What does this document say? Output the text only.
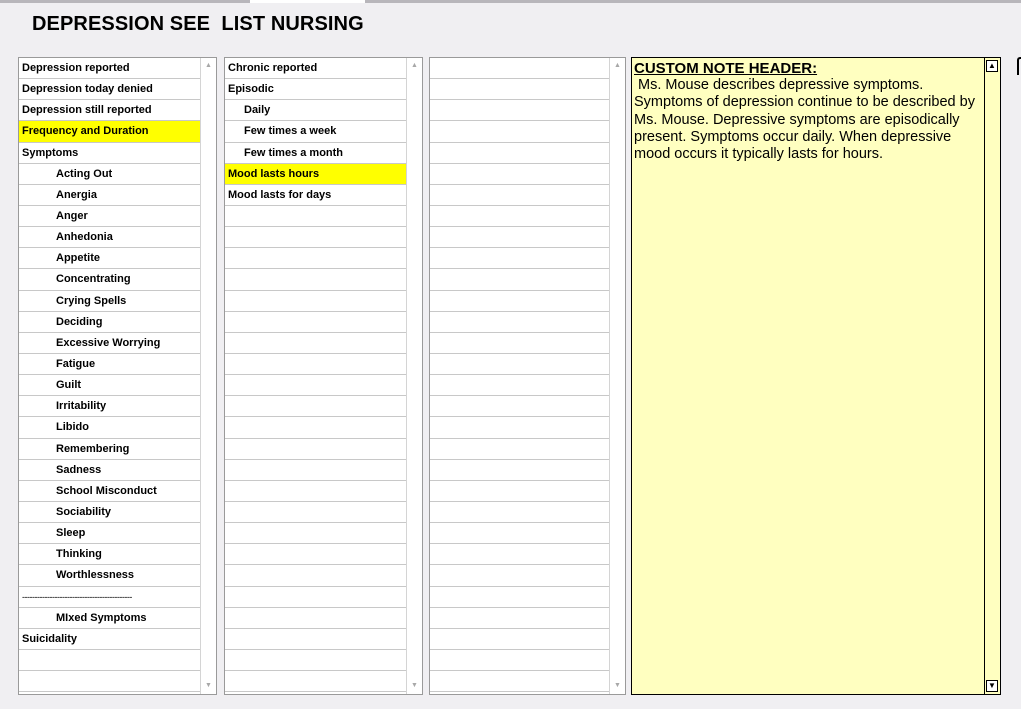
DEPRESSION SEE  LIST NURSING
Depression reported
Depression today denied
Depression still reported
Frequency and Duration
Symptoms
Acting Out
Anergia
Anger
Anhedonia
Appetite
Concentrating
Crying Spells
Deciding
Excessive Worrying
Fatigue
Guilt
Irritability
Libido
Remembering
Sadness
School Misconduct
Sociability
Sleep
Thinking
Worthlessness
--------------------------------------------
MIxed Symptoms
Suicidality
▲
▼
Chronic reported
Episodic
Daily
Few times a week
Few times a month
Mood lasts hours
Mood lasts for days
▲
▼
▲
▼
CUSTOM NOTE HEADER:
Ms. Mouse describes depressive symptoms. Symptoms of depression continue to be described by Ms. Mouse. Depressive symptoms are episodically present. Symptoms occur daily. When depressive mood occurs it typically lasts for hours.
▲
▼
